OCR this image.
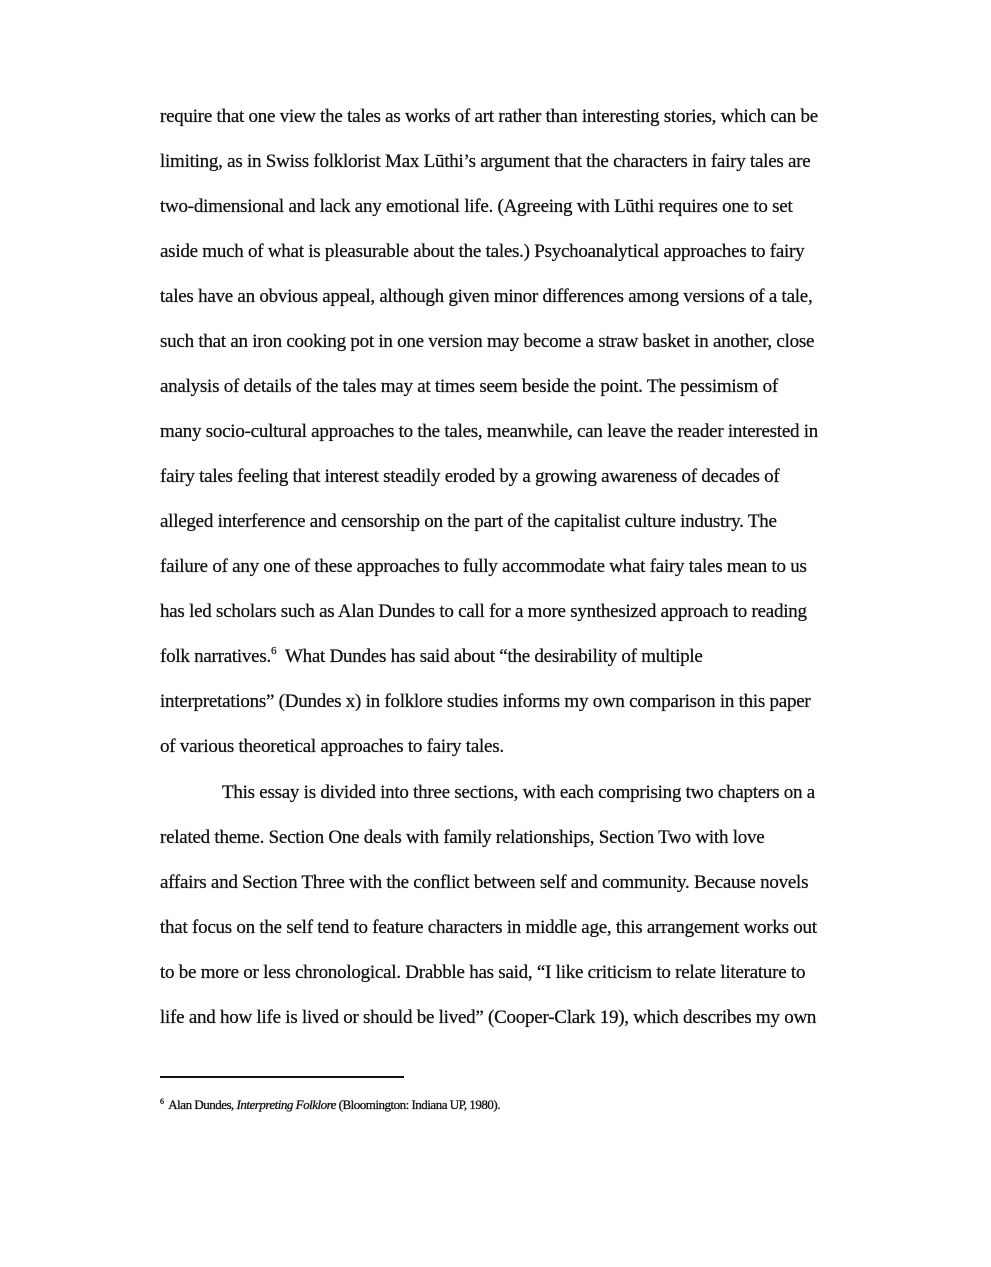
require that one view the tales as works of art rather than interesting stories, which can be
limiting, as in Swiss folklorist Max Lūthi’s argument that the characters in fairy tales are
two-dimensional and lack any emotional life. (Agreeing with Lūthi requires one to set
aside much of what is pleasurable about the tales.) Psychoanalytical approaches to fairy
tales have an obvious appeal, although given minor differences among versions of a tale,
such that an iron cooking pot in one version may become a straw basket in another, close
analysis of details of the tales may at times seem beside the point. The pessimism of
many socio-cultural approaches to the tales, meanwhile, can leave the reader interested in
fairy tales feeling that interest steadily eroded by a growing awareness of decades of
alleged interference and censorship on the part of the capitalist culture industry. The
failure of any one of these approaches to fully accommodate what fairy tales mean to us
has led scholars such as Alan Dundes to call for a more synthesized approach to reading
folk narratives.$^6$ What Dundes has said about “the desirability of multiple
interpretations” (Dundes x) in folklore studies informs my own comparison in this paper
of various theoretical approaches to fairy tales.
This essay is divided into three sections, with each comprising two chapters on a
related theme. Section One deals with family relationships, Section Two with love
affairs and Section Three with the conflict between self and community. Because novels
that focus on the self tend to feature characters in middle age, this arrangement works out
to be more or less chronological. Drabble has said, “I like criticism to relate literature to
life and how life is lived or should be lived” (Cooper-Clark 19), which describes my own
$^6$ Alan Dundes, Interpreting Folklore (Bloomington: Indiana UP, 1980).
